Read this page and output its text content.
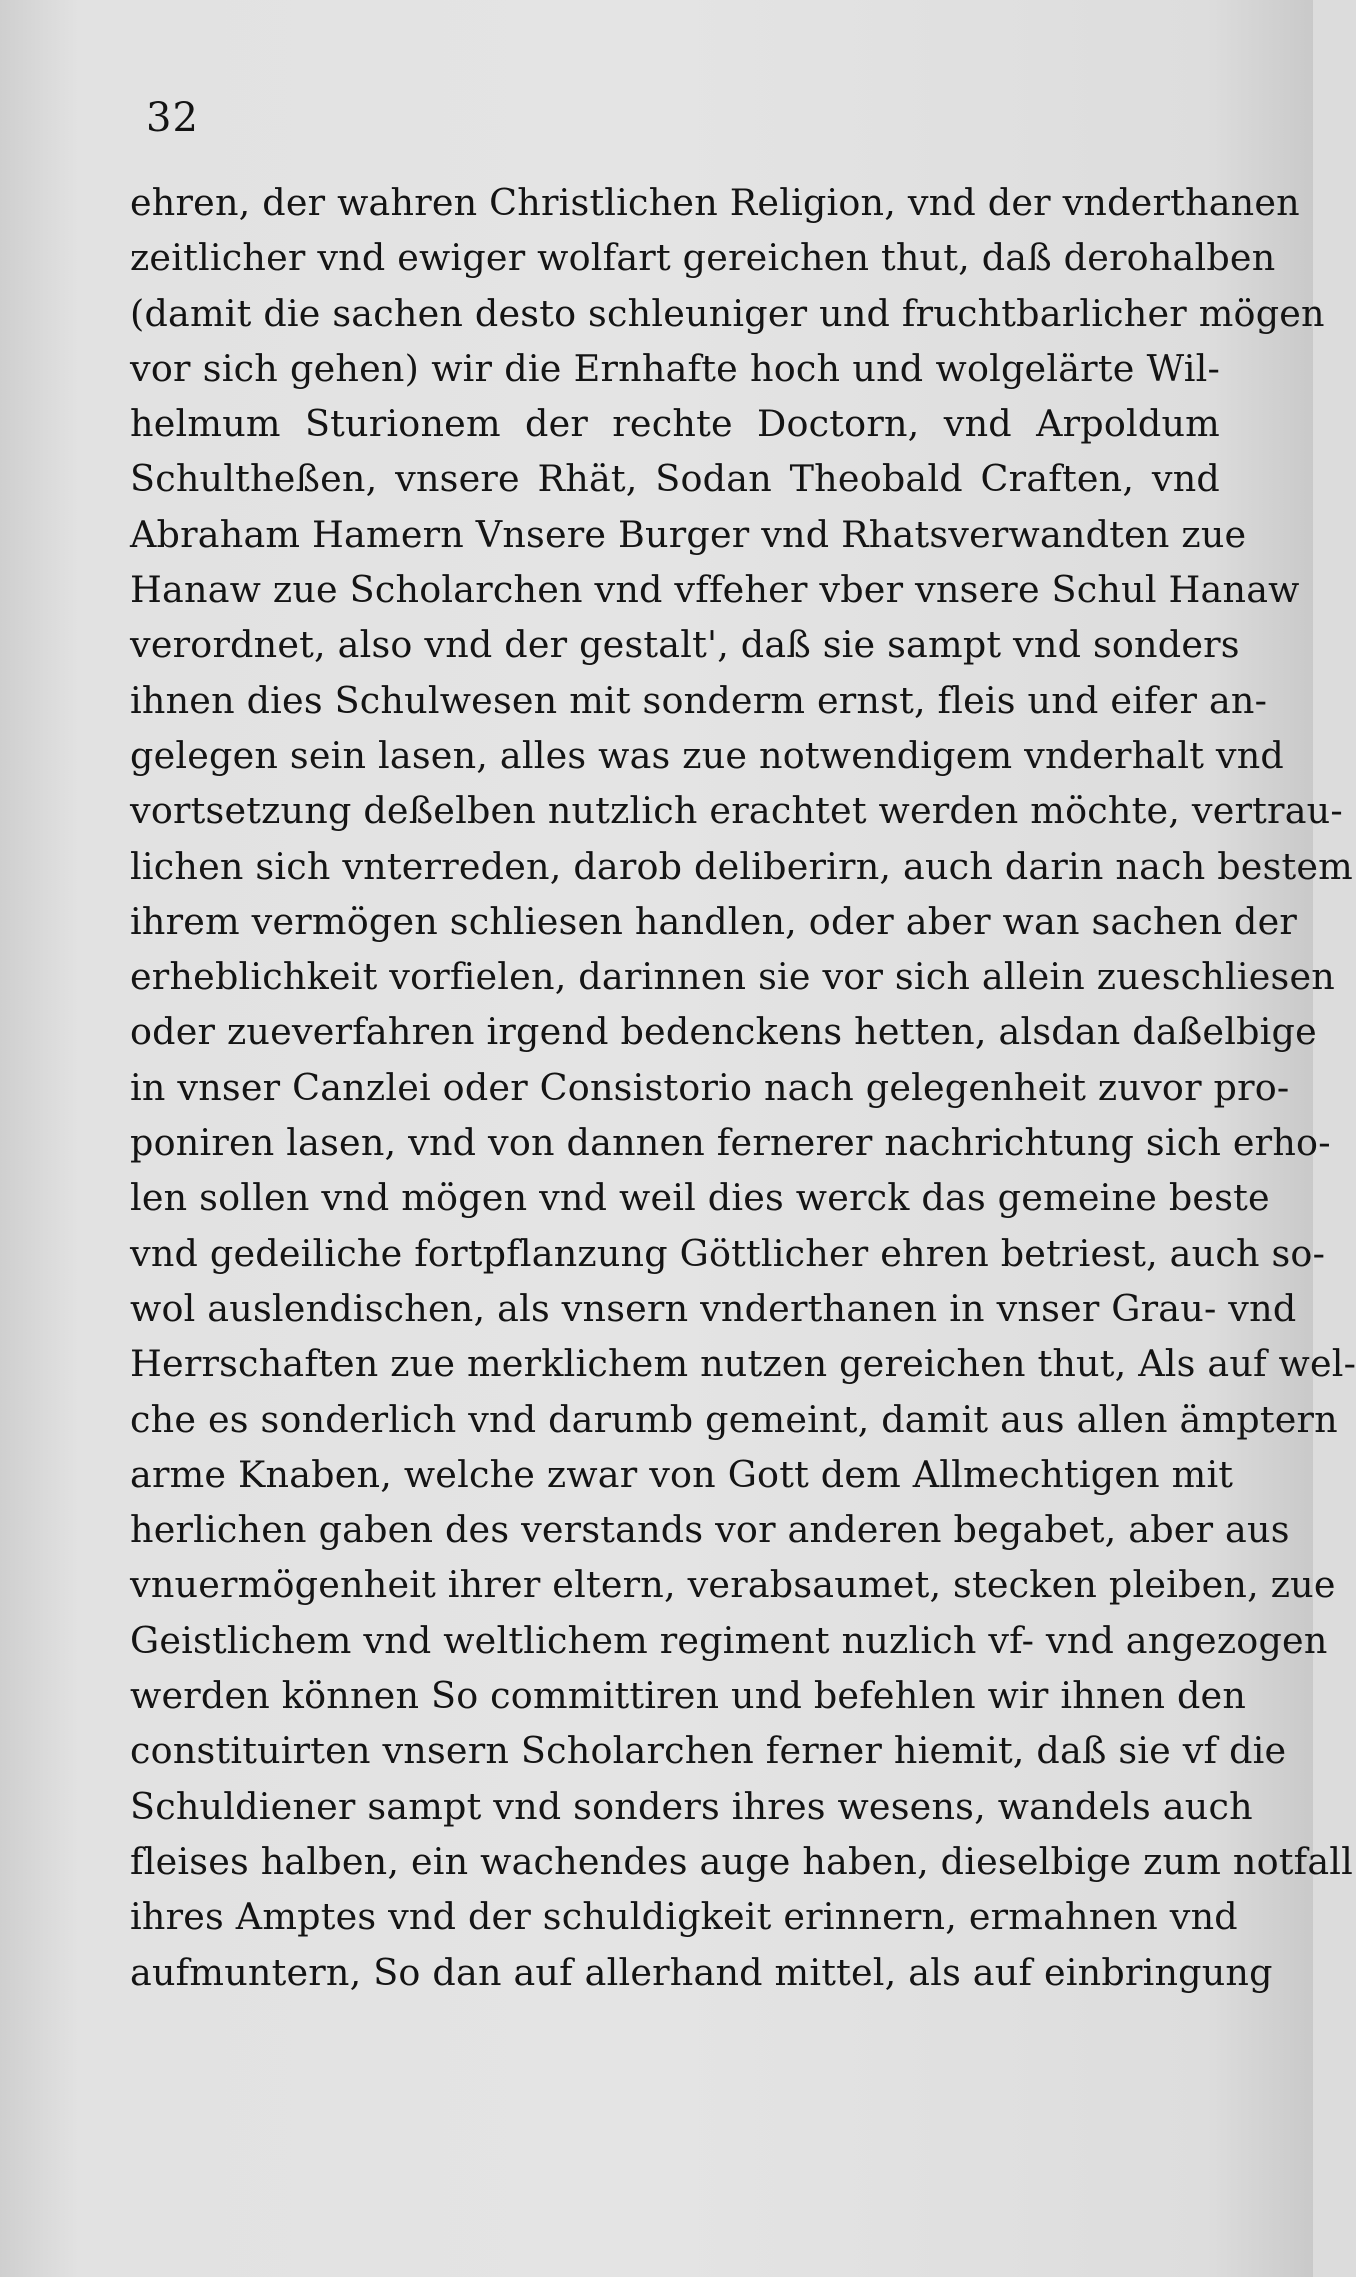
32
ehren, der wahren Christlichen Religion, vnd der vnderthanen
zeitlicher vnd ewiger wolfart gereichen thut, daß derohalben
(damit die sachen desto schleuniger und fruchtbarlicher mögen
vor sich gehen) wir die Ernhafte hoch und wolgelärte Wil-
helmum Sturionem der rechte Doctorn, vnd Arpoldum
Schultheßen, vnsere Rhät, Sodan Theobald Craften, vnd
Abraham Hamern Vnsere Burger vnd Rhatsverwandten zue
Hanaw zue Scholarchen vnd vffeher vber vnsere Schul Hanaw
verordnet, also vnd der gestalt', daß sie sampt vnd sonders
ihnen dies Schulwesen mit sonderm ernst, fleis und eifer an-
gelegen sein lasen, alles was zue notwendigem vnderhalt vnd
vortsetzung deßelben nutzlich erachtet werden möchte, vertrau-
lichen sich vnterreden, darob deliberirn, auch darin nach bestem
ihrem vermögen schliesen handlen, oder aber wan sachen der
erheblichkeit vorfielen, darinnen sie vor sich allein zueschliesen
oder zueverfahren irgend bedenckens hetten, alsdan daßelbige
in vnser Canzlei oder Consistorio nach gelegenheit zuvor pro-
poniren lasen, vnd von dannen fernerer nachrichtung sich erho-
len sollen vnd mögen vnd weil dies werck das gemeine beste
vnd gedeiliche fortpflanzung Göttlicher ehren betriest, auch so-
wol auslendischen, als vnsern vnderthanen in vnser Grau- vnd
Herrschaften zue merklichem nutzen gereichen thut, Als auf wel-
che es sonderlich vnd darumb gemeint, damit aus allen ämptern
arme Knaben, welche zwar von Gott dem Allmechtigen mit
herlichen gaben des verstands vor anderen begabet, aber aus
vnuermögenheit ihrer eltern, verabsaumet, stecken pleiben, zue
Geistlichem vnd weltlichem regiment nuzlich vf- vnd angezogen
werden können So committiren und befehlen wir ihnen den
constituirten vnsern Scholarchen ferner hiemit, daß sie vf die
Schuldiener sampt vnd sonders ihres wesens, wandels auch
fleises halben, ein wachendes auge haben, dieselbige zum notfall
ihres Amptes vnd der schuldigkeit erinnern, ermahnen vnd
aufmuntern, So dan auf allerhand mittel, als auf einbringung
